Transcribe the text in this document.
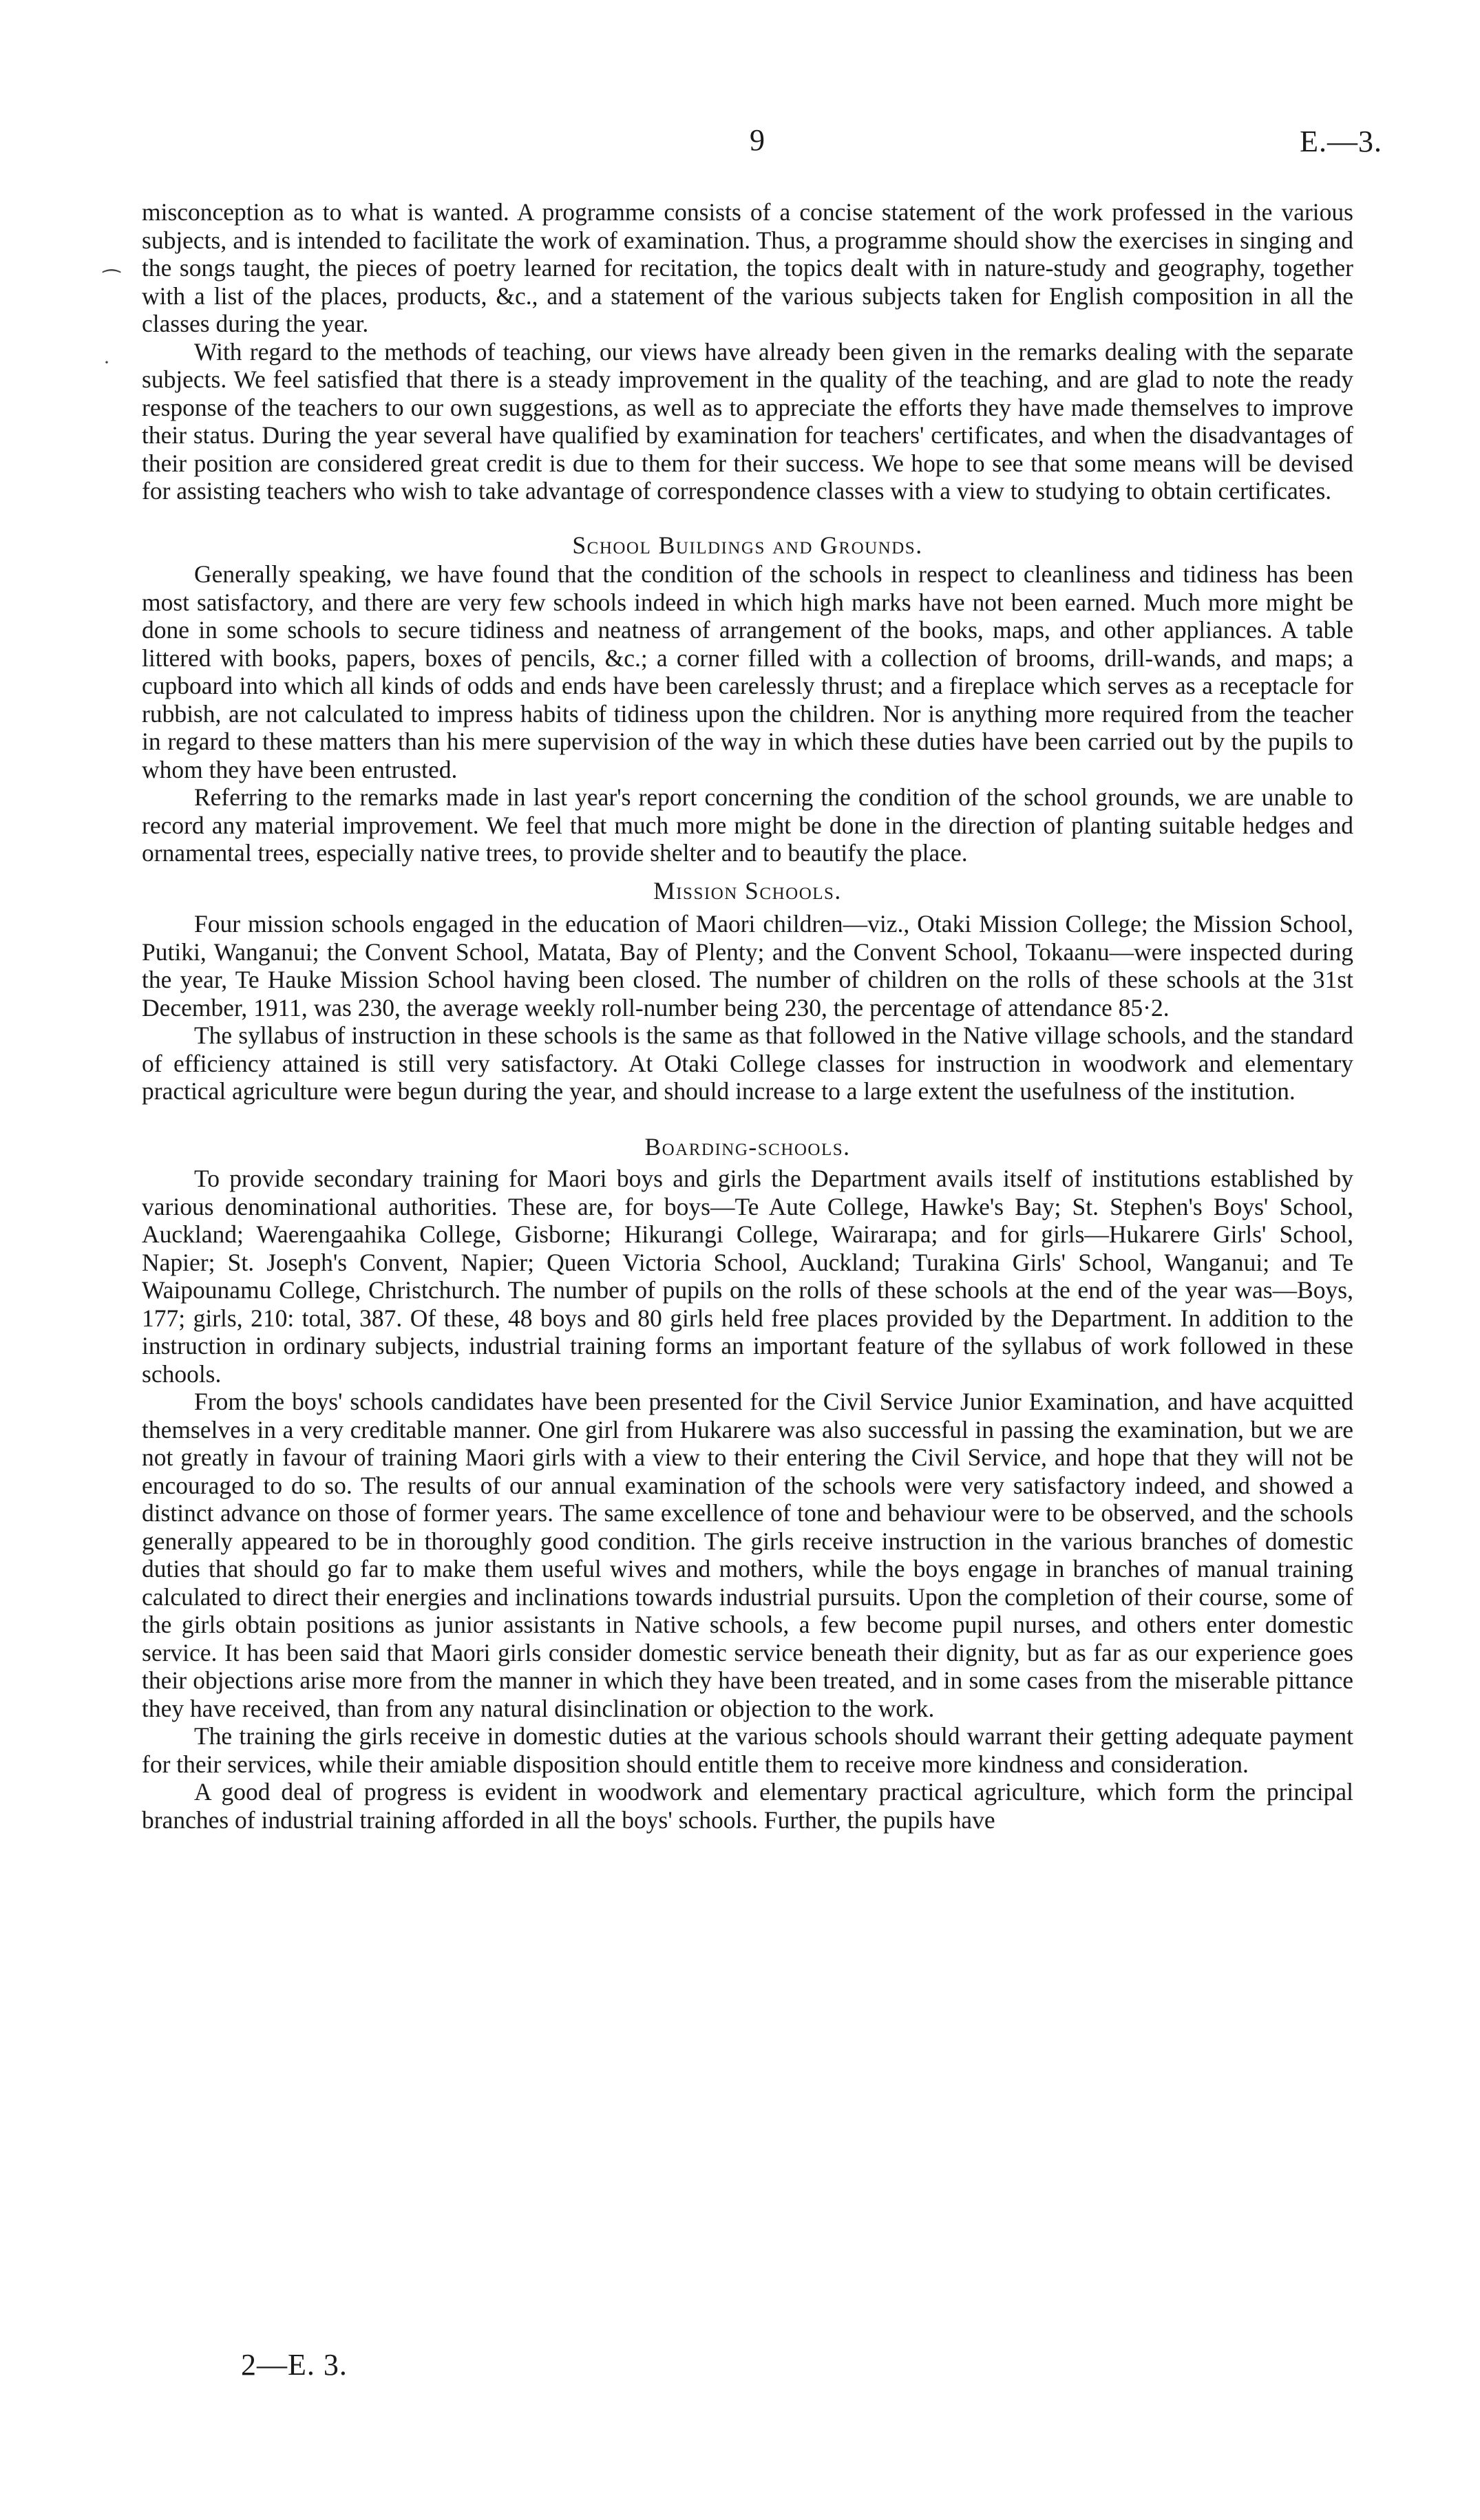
9	E.—3.
⁀
·

misconception as to what is wanted. A programme consists of a concise statement of the work professed in the various subjects, and is intended to facilitate the work of examination. Thus, a programme should show the exercises in singing and the songs taught, the pieces of poetry learned for recitation, the topics dealt with in nature-study and geography, together with a list of the places, products, &c., and a statement of the various subjects taken for English composition in all the classes during the year.

With regard to the methods of teaching, our views have already been given in the remarks dealing with the separate subjects. We feel satisfied that there is a steady improvement in the quality of the teaching, and are glad to note the ready response of the teachers to our own suggestions, as well as to appreciate the efforts they have made themselves to improve their status. During the year several have qualified by examination for teachers' certificates, and when the disadvantages of their position are considered great credit is due to them for their success. We hope to see that some means will be devised for assisting teachers who wish to take advantage of correspondence classes with a view to studying to obtain certificates.

School Buildings and Grounds.

Generally speaking, we have found that the condition of the schools in respect to cleanliness and tidiness has been most satisfactory, and there are very few schools indeed in which high marks have not been earned. Much more might be done in some schools to secure tidiness and neatness of arrangement of the books, maps, and other appliances. A table littered with books, papers, boxes of pencils, &c.; a corner filled with a collection of brooms, drill-wands, and maps; a cupboard into which all kinds of odds and ends have been carelessly thrust; and a fireplace which serves as a receptacle for rubbish, are not calculated to impress habits of tidiness upon the children. Nor is anything more required from the teacher in regard to these matters than his mere supervision of the way in which these duties have been carried out by the pupils to whom they have been entrusted.

Referring to the remarks made in last year's report concerning the condition of the school grounds, we are unable to record any material improvement. We feel that much more might be done in the direction of planting suitable hedges and ornamental trees, especially native trees, to provide shelter and to beautify the place.

Mission Schools.

Four mission schools engaged in the education of Maori children—viz., Otaki Mission College; the Mission School, Putiki, Wanganui; the Convent School, Matata, Bay of Plenty; and the Convent School, Tokaanu—were inspected during the year, Te Hauke Mission School having been closed. The number of children on the rolls of these schools at the 31st December, 1911, was 230, the average weekly roll-number being 230, the percentage of attendance 85·2.

The syllabus of instruction in these schools is the same as that followed in the Native village schools, and the standard of efficiency attained is still very satisfactory. At Otaki College classes for instruction in woodwork and elementary practical agriculture were begun during the year, and should increase to a large extent the usefulness of the institution.

Boarding-schools.

To provide secondary training for Maori boys and girls the Department avails itself of institutions established by various denominational authorities. These are, for boys—Te Aute College, Hawke's Bay; St. Stephen's Boys' School, Auckland; Waerengaahika College, Gisborne; Hikurangi College, Wairarapa; and for girls—Hukarere Girls' School, Napier; St. Joseph's Convent, Napier; Queen Victoria School, Auckland; Turakina Girls' School, Wanganui; and Te Waipounamu College, Christchurch. The number of pupils on the rolls of these schools at the end of the year was—Boys, 177; girls, 210: total, 387. Of these, 48 boys and 80 girls held free places provided by the Department. In addition to the instruction in ordinary subjects, industrial training forms an important feature of the syllabus of work followed in these schools.

From the boys' schools candidates have been presented for the Civil Service Junior Examination, and have acquitted themselves in a very creditable manner. One girl from Hukarere was also successful in passing the examination, but we are not greatly in favour of training Maori girls with a view to their entering the Civil Service, and hope that they will not be encouraged to do so. The results of our annual examination of the schools were very satisfactory indeed, and showed a distinct advance on those of former years. The same excellence of tone and behaviour were to be observed, and the schools generally appeared to be in thoroughly good condition. The girls receive instruction in the various branches of domestic duties that should go far to make them useful wives and mothers, while the boys engage in branches of manual training calculated to direct their energies and inclinations towards industrial pursuits. Upon the completion of their course, some of the girls obtain positions as junior assistants in Native schools, a few become pupil nurses, and others enter domestic service. It has been said that Maori girls consider domestic service beneath their dignity, but as far as our experience goes their objections arise more from the manner in which they have been treated, and in some cases from the miserable pittance they have received, than from any natural disinclination or objection to the work.

The training the girls receive in domestic duties at the various schools should warrant their getting adequate payment for their services, while their amiable disposition should entitle them to receive more kindness and consideration.

A good deal of progress is evident in woodwork and elementary practical agriculture, which form the principal branches of industrial training afforded in all the boys' schools. Further, the pupils have

2—E. 3.
